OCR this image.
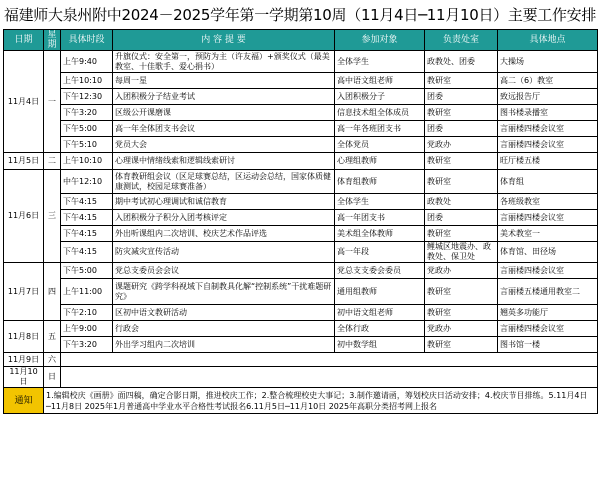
福建师大泉州附中2024－2025学年第一学期第10周（11月4日─11月10日）主要工作安排
日期	星期	具体时段	内 容 提 要	参加对象	负责处室	具体地点
11月4日	一	上午9:40	升旗仪式：安全第一，预防为主（许友福）+颁奖仪式（最美教室、十佳歌手、爱心捐书）	全体学生	政教处、团委	大操场
		上午10:10	每周一星	高中语文组老师	教研室	高二（6）教室
		下午12:30	入团积极分子结业考试	入团积极分子	团委	致远报告厅
		下午3:20	区级公开课磨课	信息技术组全体成员	教研室	图书楼录播室
		下午5:00	高一年全体团支书会议	高一年各班团支书	团委	言丽楼四楼会议室
		下午5:10	党员大会	全体党员	党政办	言丽楼四楼会议室
11月5日	二	上午10:10	心理课中情绪线索和逻辑线索研讨	心理组教师	教研室	旺厅楼五楼
11月6日	三	中午12:10	体育教研组会议（区足球赛总结，区运动会总结，国家体质健康测试，校园足球赛准备）	体育组教师	教研室	体育组
		下午4:15	期中考试初心理调试和诚信教育	全体学生	政教处	各班级教室
		下午4:15	入团积极分子积分入团考核评定	高一年团支书	团委	言丽楼四楼会议室
		下午4:15	外出听课组内二次培训、校庆艺术作品评选	美术组全体教师	教研室	美术教室一
		下午4:15	防灾减灾宣传活动	高一年段	鲤城区地震办、政教处、保卫处	体育馆、田径场
11月7日	四	下午5:00	党总支委员会会议	党总支支委会委员	党政办	言丽楼四楼会议室
		上午11:00	课题研究《跨学科视域下自制教具化解“控制系统”干扰难题研究》	通用组教师	教研室	言丽楼五楼通用教室二
		下午2:10	区初中语文教研活动	初中语文组老师	教研室	翘英多功能厅
11月8日	五	上午9:00	行政会	全体行政	党政办	言丽楼四楼会议室
		下午3:20	外出学习组内二次培训	初中数学组	教研室	图书馆一楼
11月9日	六					
11月10日	日					
通知	1.编辑校庆《画册》面四稿，确定合影日期，推进校庆工作；2.整合梳理校史大事记；3.制作邀请函，筹划校庆日活动安排；4.校庆节目排练。5.11月4日─11月8日 2025年1月普通高中学业水平合格性考试报名6.11月5日─11月10日 2025年高职分类招考网上报名					
